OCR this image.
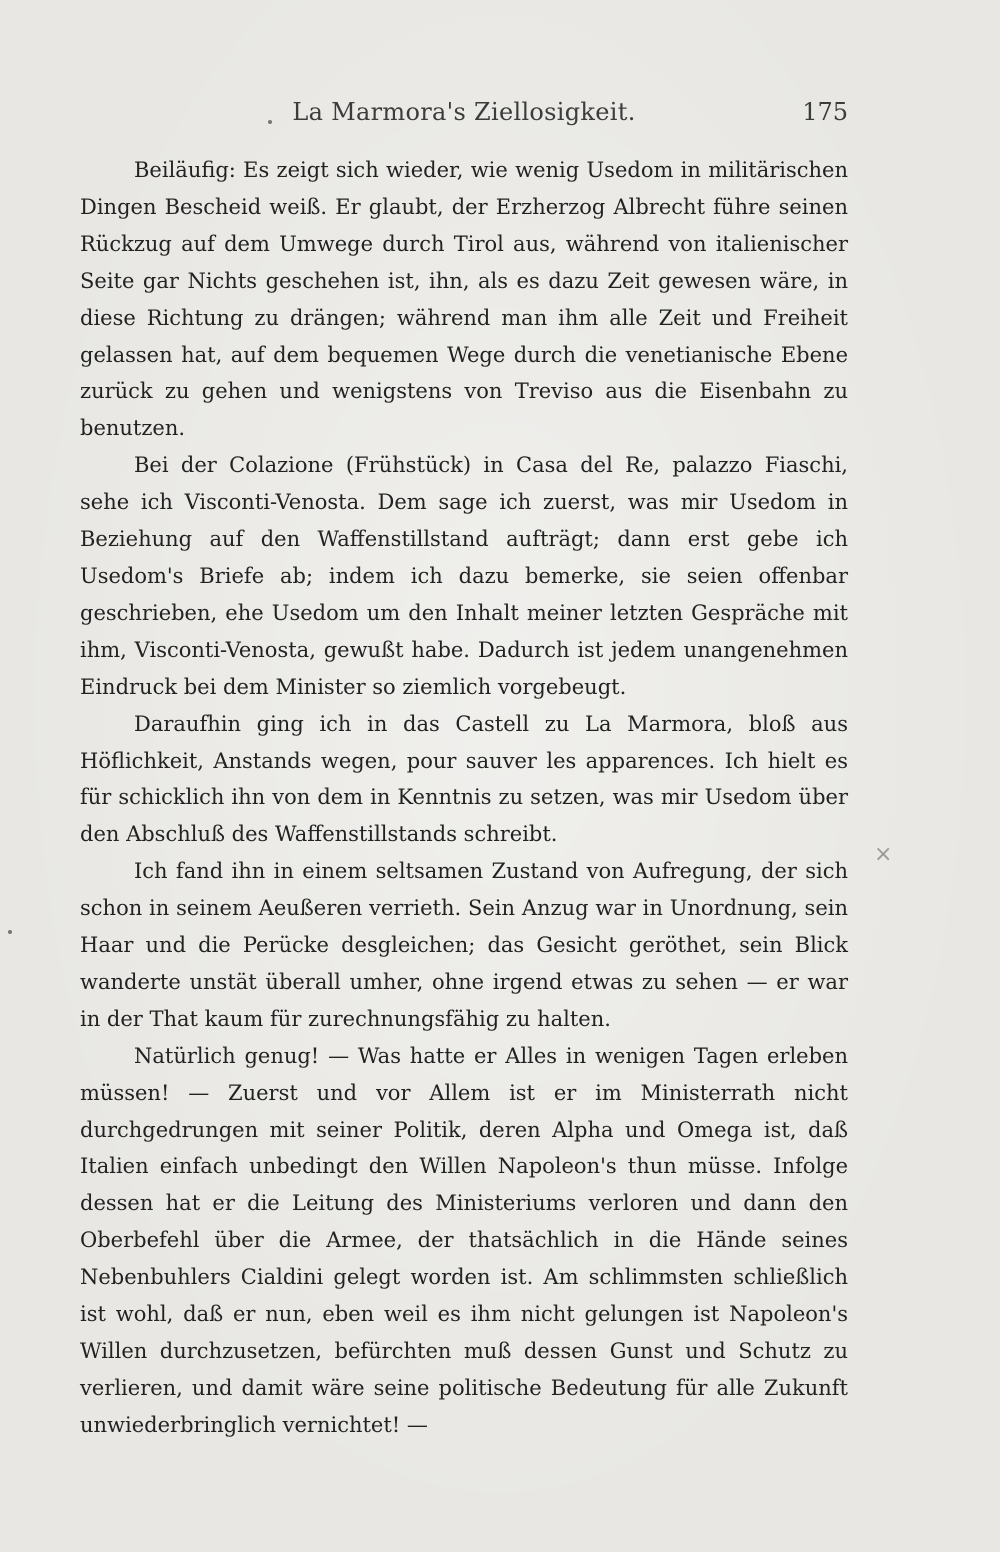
La Marmora's Ziellosigkeit.	175

Beiläufig: Es zeigt sich wieder, wie wenig Usedom in militärischen Dingen Bescheid weiß. Er glaubt, der Erzherzog Albrecht führe seinen Rückzug auf dem Umwege durch Tirol aus, während von italienischer Seite gar Nichts geschehen ist, ihn, als es dazu Zeit gewesen wäre, in diese Richtung zu drängen; während man ihm alle Zeit und Freiheit gelassen hat, auf dem bequemen Wege durch die venetianische Ebene zurück zu gehen und wenigstens von Treviso aus die Eisenbahn zu benutzen.

Bei der Colazione (Frühstück) in Casa del Re, palazzo Fiaschi, sehe ich Visconti-Venosta. Dem sage ich zuerst, was mir Usedom in Beziehung auf den Waffenstillstand aufträgt; dann erst gebe ich Usedom's Briefe ab; indem ich dazu bemerke, sie seien offenbar geschrieben, ehe Usedom um den Inhalt meiner letzten Gespräche mit ihm, Visconti-Venosta, gewußt habe. Dadurch ist jedem unangenehmen Eindruck bei dem Minister so ziemlich vorgebeugt.

Daraufhin ging ich in das Castell zu La Marmora, bloß aus Höflichkeit, Anstands wegen, pour sauver les apparences. Ich hielt es für schicklich ihn von dem in Kenntnis zu setzen, was mir Usedom über den Abschluß des Waffenstillstands schreibt.

Ich fand ihn in einem seltsamen Zustand von Aufregung, der sich schon in seinem Aeußeren verrieth. Sein Anzug war in Unordnung, sein Haar und die Perücke desgleichen; das Gesicht geröthet, sein Blick wanderte unstät überall umher, ohne irgend etwas zu sehen — er war in der That kaum für zurechnungsfähig zu halten.

Natürlich genug! — Was hatte er Alles in wenigen Tagen erleben müssen! — Zuerst und vor Allem ist er im Ministerrath nicht durchgedrungen mit seiner Politik, deren Alpha und Omega ist, daß Italien einfach unbedingt den Willen Napoleon's thun müsse. Infolge dessen hat er die Leitung des Ministeriums verloren und dann den Oberbefehl über die Armee, der thatsächlich in die Hände seines Nebenbuhlers Cialdini gelegt worden ist. Am schlimmsten schließlich ist wohl, daß er nun, eben weil es ihm nicht gelungen ist Napoleon's Willen durchzusetzen, befürchten muß dessen Gunst und Schutz zu verlieren, und damit wäre seine politische Bedeutung für alle Zukunft unwiederbringlich vernichtet! —

×
